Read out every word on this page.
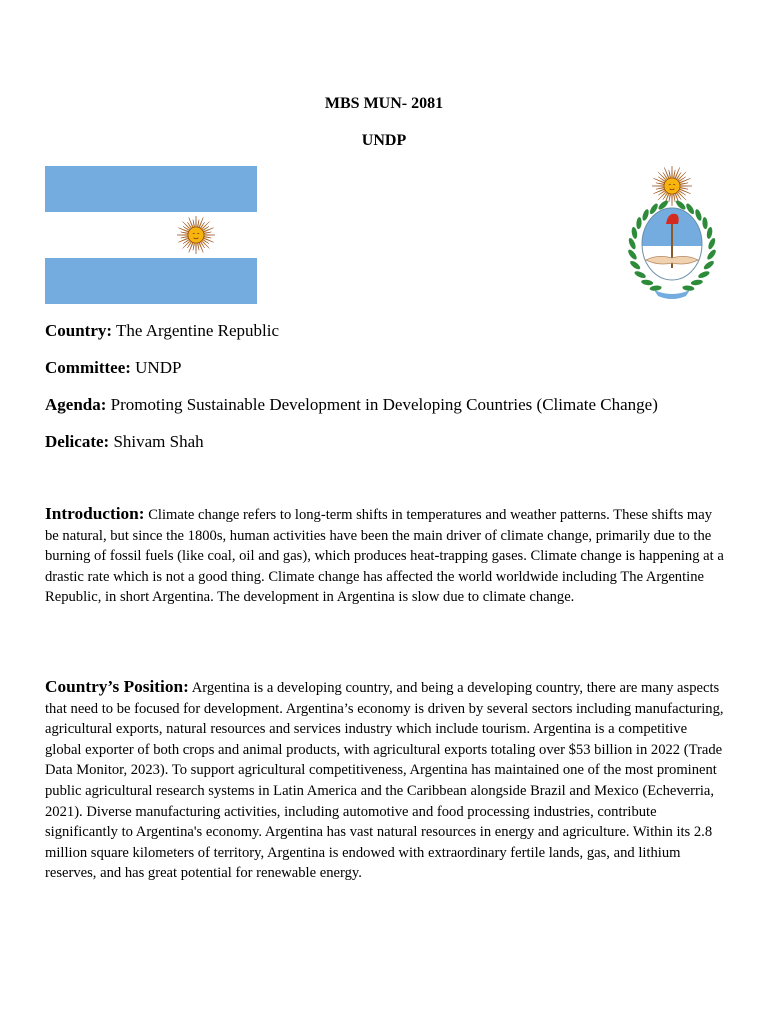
MBS MUN- 2081
UNDP
Country: The Argentine Republic
Committee: UNDP
Agenda: Promoting Sustainable Development in Developing Countries (Climate Change)
Delicate: Shivam Shah
Introduction: Climate change refers to long-term shifts in temperatures and weather patterns. These shifts may be natural, but since the 1800s, human activities have been the main driver of climate change, primarily due to the burning of fossil fuels (like coal, oil and gas), which produces heat-trapping gases. Climate change is happening at a drastic rate which is not a good thing. Climate change has affected the world worldwide including The Argentine Republic, in short Argentina. The development in Argentina is slow due to climate change.
Country’s Position: Argentina is a developing country, and being a developing country, there are many aspects that need to be focused for development. Argentina’s economy is driven by several sectors including manufacturing, agricultural exports, natural resources and services industry which include tourism. Argentina is a competitive global exporter of both crops and animal products, with agricultural exports totaling over $53 billion in 2022 (Trade Data Monitor, 2023). To support agricultural competitiveness, Argentina has maintained one of the most prominent public agricultural research systems in Latin America and the Caribbean alongside Brazil and Mexico (Echeverria, 2021). Diverse manufacturing activities, including automotive and food processing industries, contribute significantly to Argentina's economy. Argentina has vast natural resources in energy and agriculture. Within its 2.8 million square kilometers of territory, Argentina is endowed with extraordinary fertile lands, gas, and lithium reserves, and has great potential for renewable energy.
